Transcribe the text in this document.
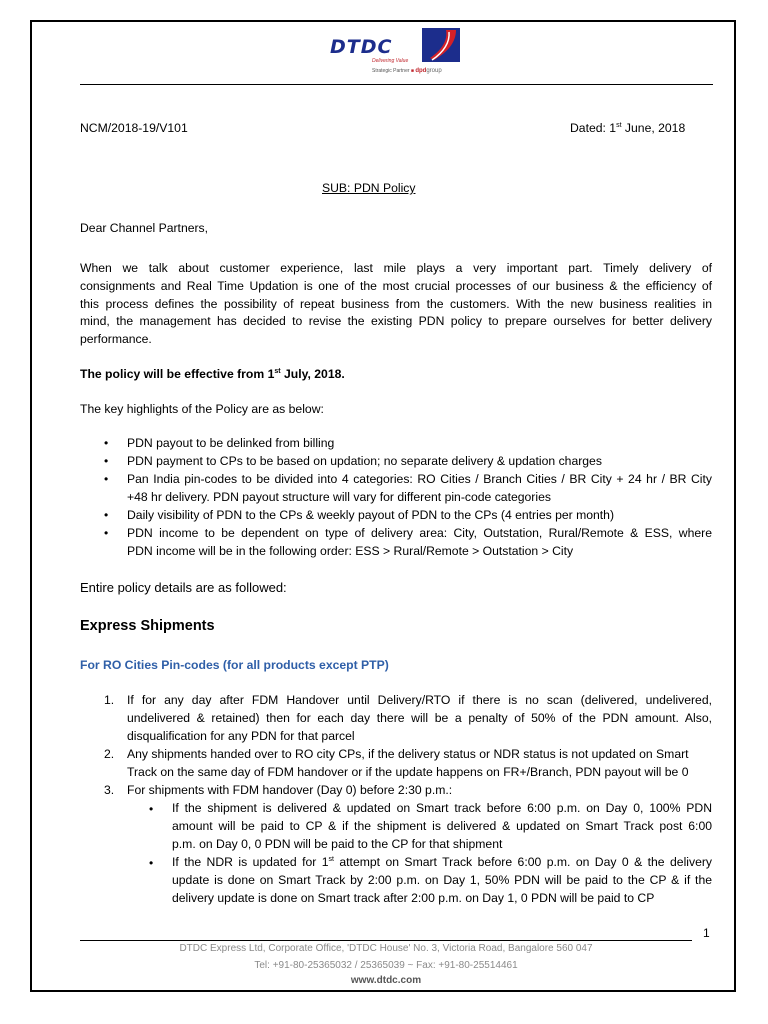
DTDC
Delivering Value
Strategic Partner ■ dpdgroup
NCM/2018-19/V101	Dated: 1st June, 2018
SUB: PDN Policy
Dear Channel Partners,
When we talk about customer experience, last mile plays a very important part. Timely delivery of
consignments and Real Time Updation is one of the most crucial processes of our business & the efficiency of
this process defines the possibility of repeat business from the customers. With the new business realities in
mind, the management has decided to revise the existing PDN policy to prepare ourselves for better delivery
performance.
The policy will be effective from 1st July, 2018.
The key highlights of the Policy are as below:
• PDN payout to be delinked from billing
• PDN payment to CPs to be based on updation; no separate delivery & updation charges
• Pan India pin-codes to be divided into 4 categories: RO Cities / Branch Cities / BR City + 24 hr / BR City
+48 hr delivery. PDN payout structure will vary for different pin-code categories
• Daily visibility of PDN to the CPs & weekly payout of PDN to the CPs (4 entries per month)
• PDN income to be dependent on type of delivery area: City, Outstation, Rural/Remote & ESS, where
PDN income will be in the following order: ESS > Rural/Remote > Outstation > City
Entire policy details are as followed:
Express Shipments
For RO Cities Pin-codes (for all products except PTP)
1. If for any day after FDM Handover until Delivery/RTO if there is no scan (delivered, undelivered,
undelivered & retained) then for each day there will be a penalty of 50% of the PDN amount. Also,
disqualification for any PDN for that parcel
2. Any shipments handed over to RO city CPs, if the delivery status or NDR status is not updated on Smart
Track on the same day of FDM handover or if the update happens on FR+/Branch, PDN payout will be 0
3. For shipments with FDM handover (Day 0) before 2:30 p.m.:
• If the shipment is delivered & updated on Smart track before 6:00 p.m. on Day 0, 100% PDN
amount will be paid to CP & if the shipment is delivered & updated on Smart Track post 6:00
p.m. on Day 0, 0 PDN will be paid to the CP for that shipment
• If the NDR is updated for 1st attempt on Smart Track before 6:00 p.m. on Day 0 & the delivery
update is done on Smart Track by 2:00 p.m. on Day 1, 50% PDN will be paid to the CP & if the
delivery update is done on Smart track after 2:00 p.m. on Day 1, 0 PDN will be paid to CP
1
DTDC Express Ltd, Corporate Office, 'DTDC House' No. 3, Victoria Road, Bangalore 560 047
Tel: +91-80-25365032 / 25365039 ~ Fax: +91-80-25514461
www.dtdc.com
